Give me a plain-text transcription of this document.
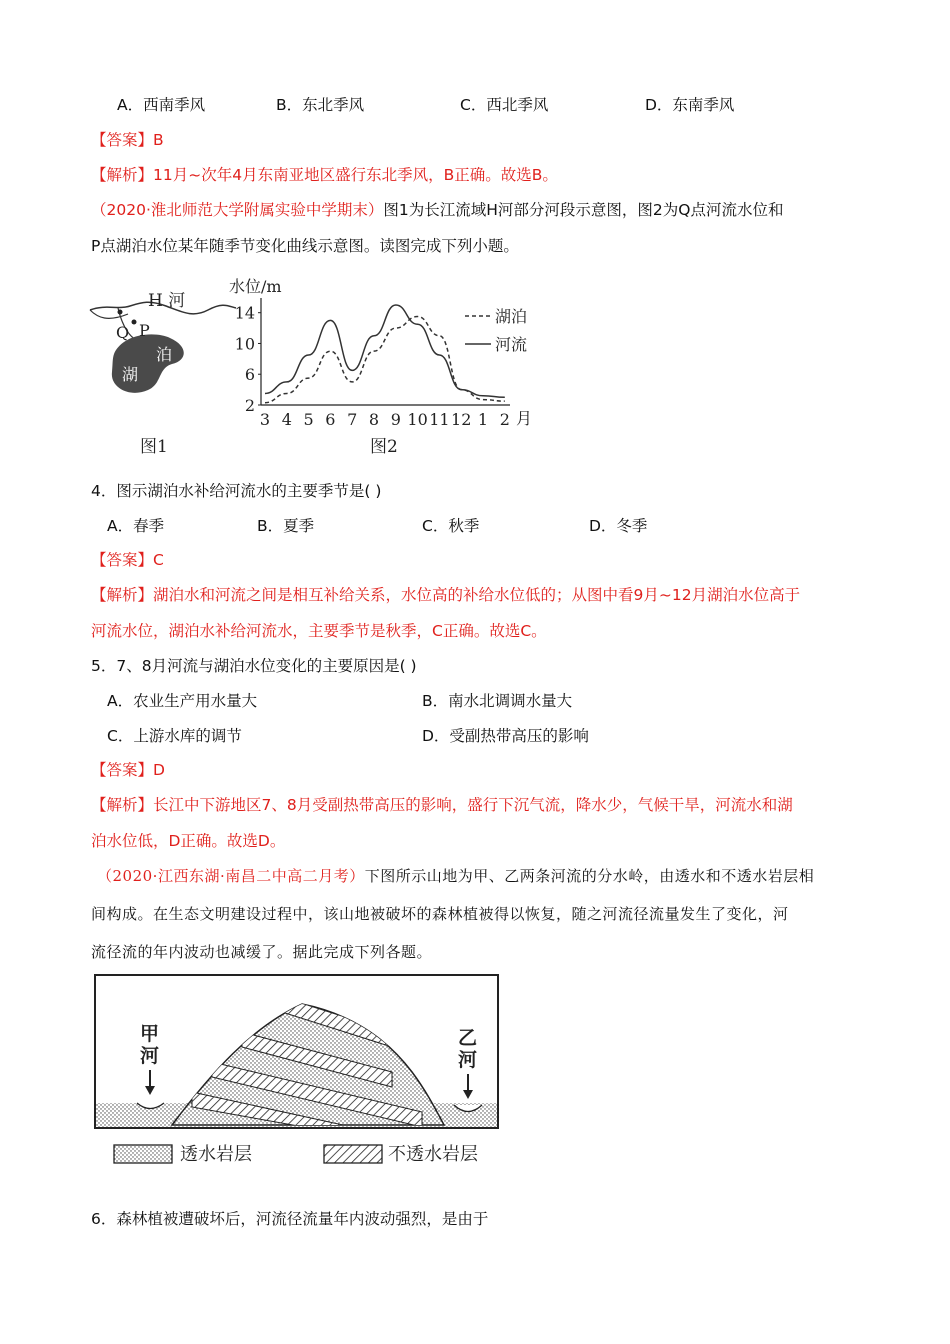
A．西南季风	B．东北季风	C．西北季风	D．东南季风
【答案】B
【解析】11月~次年4月东南亚地区盛行东北季风，B正确。故选B。
（2020·淮北师范大学附属实验中学期末）图1为长江流域H河部分河段示意图，图2为Q点河流水位和
P点湖泊水位某年随季节变化曲线示意图。读图完成下列小题。
H 河
Q P
泊
湖
图1
水位/m
2
6
10
14
3 4 5 6 7 8 9 10 11 12 1 2 月
湖泊
河流
图2
4．图示湖泊水补给河流水的主要季节是( )
A．春季	B．夏季	C．秋季	D．冬季
【答案】C
【解析】湖泊水和河流之间是相互补给关系，水位高的补给水位低的；从图中看9月~12月湖泊水位高于
河流水位，湖泊水补给河流水，主要季节是秋季，C正确。故选C。
5．7、8月河流与湖泊水位变化的主要原因是( )
A．农业生产用水量大	B．南水北调调水量大
C．上游水库的调节	D．受副热带高压的影响
【答案】D
【解析】长江中下游地区7、8月受副热带高压的影响，盛行下沉气流，降水少，气候干旱，河流水和湖
泊水位低，D正确。故选D。
（2020·江西东湖·南昌二中高二月考）下图所示山地为甲、乙两条河流的分水岭，由透水和不透水岩层相
间构成。在生态文明建设过程中，该山地被破坏的森林植被得以恢复，随之河流径流量发生了变化，河
流径流的年内波动也减缓了。据此完成下列各题。
甲
河
乙
河
透水岩层	不透水岩层
6．森林植被遭破坏后，河流径流量年内波动强烈，是由于
